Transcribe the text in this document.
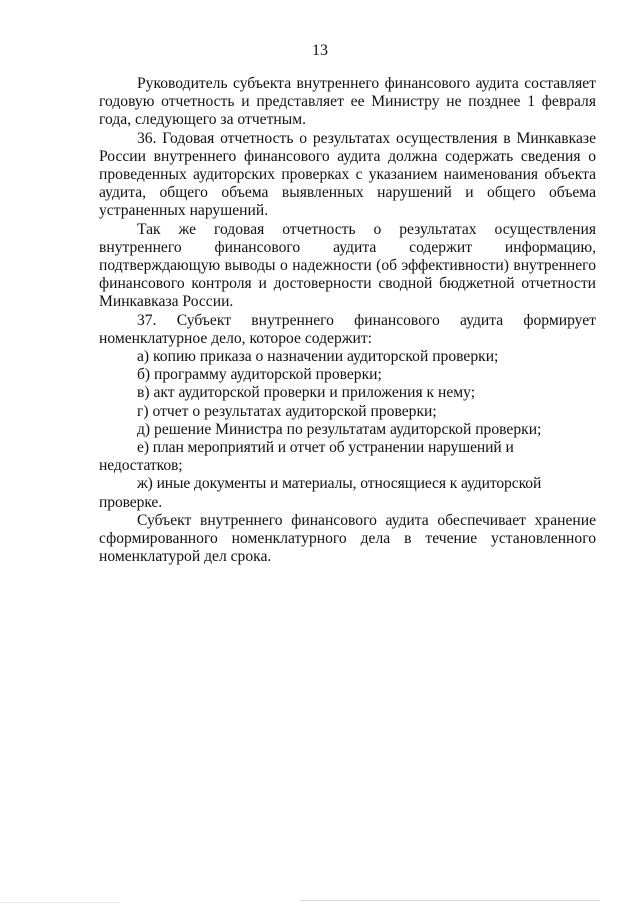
13

Руководитель субъекта внутреннего финансового аудита составляет годовую отчетность и представляет ее Министру не позднее 1 февраля года, следующего за отчетным.

36. Годовая отчетность о результатах осуществления в Минкавказе России внутреннего финансового аудита должна содержать сведения о проведенных аудиторских проверках с указанием наименования объекта аудита, общего объема выявленных нарушений и общего объема устраненных нарушений.

Так же годовая отчетность о результатах осуществления внутреннего финансового аудита содержит информацию, подтверждающую выводы о надежности (об эффективности) внутреннего финансового контроля и достоверности сводной бюджетной отчетности Минкавказа России.

37. Субъект внутреннего финансового аудита формирует номенклатурное дело, которое содержит:

а) копию приказа о назначении аудиторской проверки;

б) программу аудиторской проверки;

в) акт аудиторской проверки и приложения к нему;

г) отчет о результатах аудиторской проверки;

д) решение Министра по результатам аудиторской проверки;

е) план мероприятий и отчет об устранении нарушений и недостатков;

ж) иные документы и материалы, относящиеся к аудиторской проверке.

Субъект внутреннего финансового аудита обеспечивает хранение сформированного номенклатурного дела в течение установленного номенклатурой дел срока.
